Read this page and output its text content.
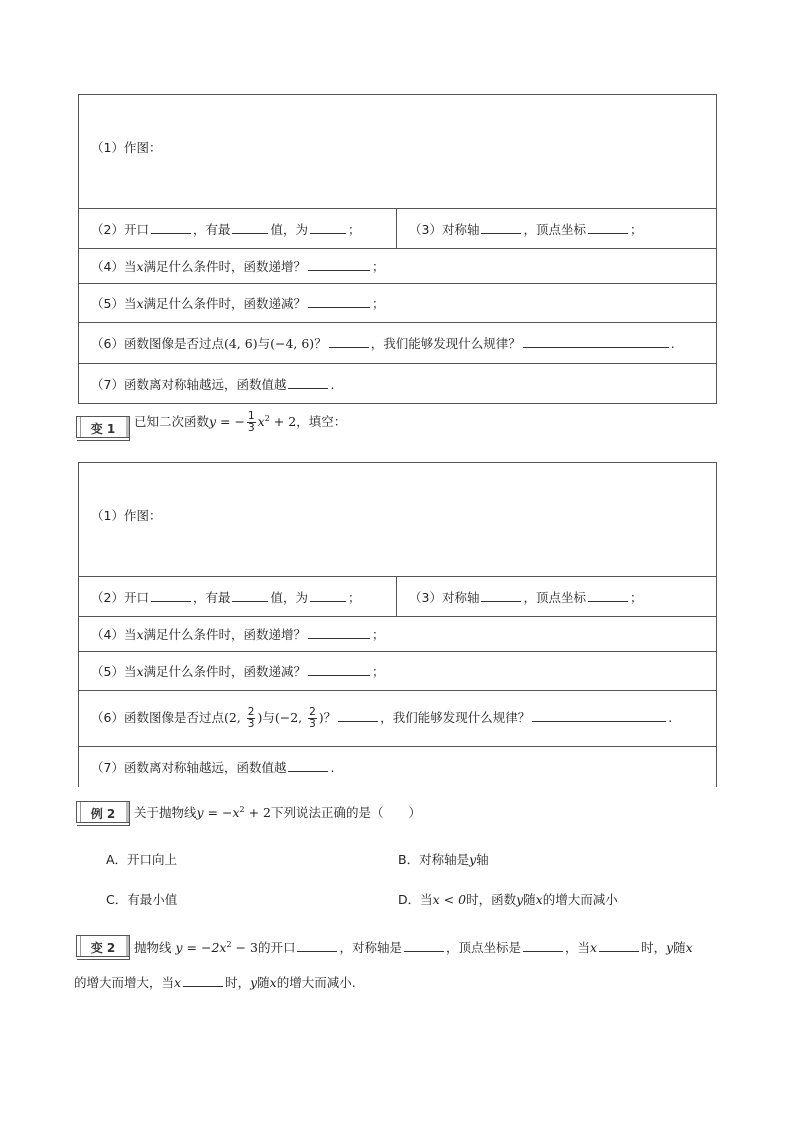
（1）作图：
（2）开口	，有最	值，为	；	（3）对称轴	，顶点坐标	；
（4）当x满足什么条件时，函数递增？	；
（5）当x满足什么条件时，函数递减？	；
（6）函数图像是否过点(4, 6)与(−4, 6)？	，我们能够发现什么规律？	.
（7）函数离对称轴越远，函数值越	.
变 1	已知二次函数y = − $\frac{1}{3} x^2 + 2$，填空：
（1）作图：
（2）开口	，有最	值，为	；	（3）对称轴	，顶点坐标	；
（4）当x满足什么条件时，函数递增？	；
（5）当x满足什么条件时，函数递减？	；
（6）函数图像是否过点(2, $\frac{2}{3}$ )与(−2, $\frac{2}{3}$ )？	，我们能够发现什么规律？	.
（7）函数离对称轴越远，函数值越	.
例 2	关于抛物线$y = -x^2 + 2$下列说法正确的是（　　）
A．开口向上	B．对称轴是y轴
C．有最小值	D．当x < 0时，函数y随x的增大而减小
变 2	抛物线 $y = -2x^2 - 3$的开口	，对称轴是	，顶点坐标是	，当x	时，y随x
的增大而增大，当x	时，y随x的增大而减小.
